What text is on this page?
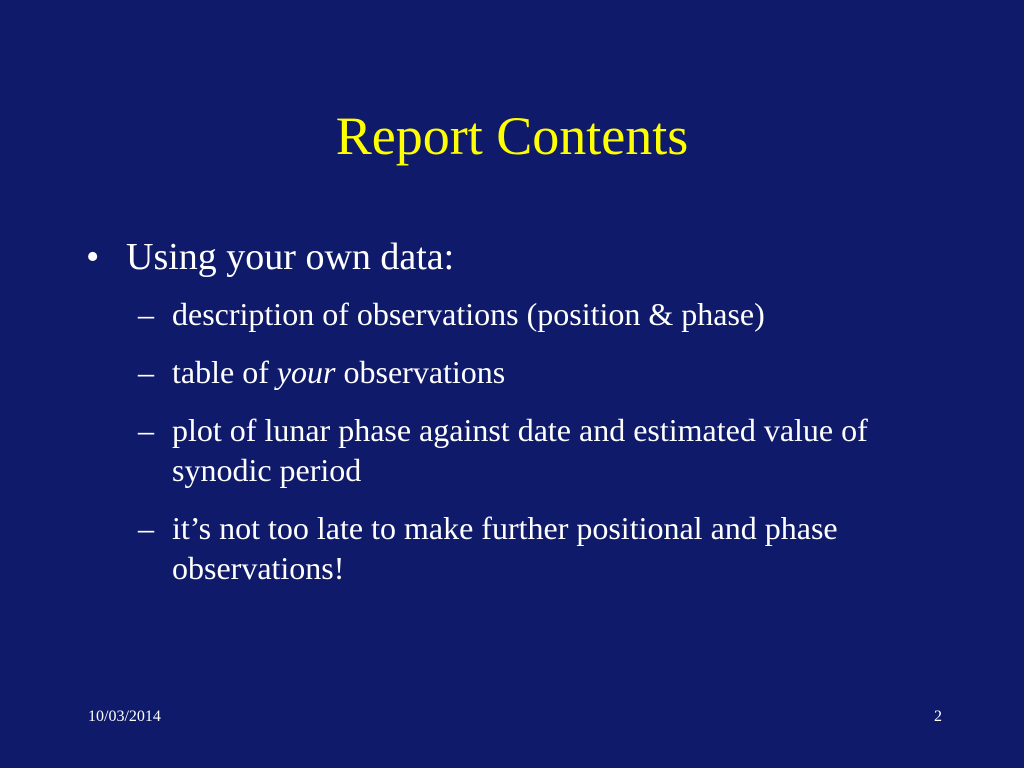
Report Contents
• Using your own data:
– description of observations (position & phase)
– table of your observations
– plot of lunar phase against date and estimated value of synodic period
– it’s not too late to make further positional and phase observations!
10/03/2014	2
